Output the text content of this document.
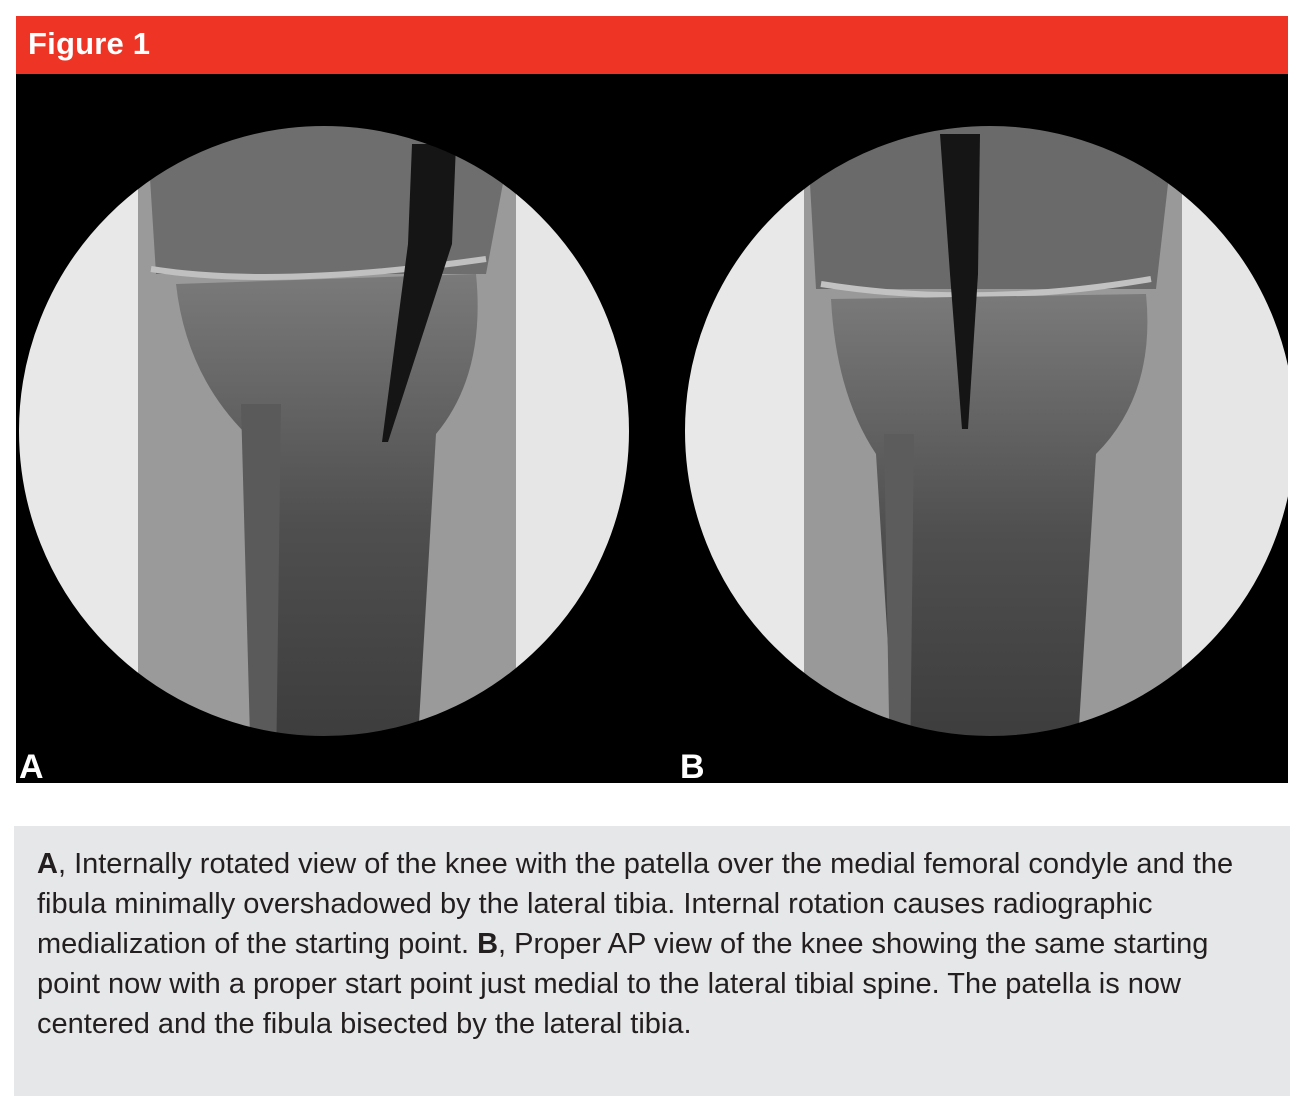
Figure 1
A	B

A, Internally rotated view of the knee with the patella over the medial femoral condyle and the fibula minimally overshadowed by the lateral tibia. Internal rotation causes radiographic medialization of the starting point. B, Proper AP view of the knee showing the same starting point now with a proper start point just medial to the lateral tibial spine. The patella is now centered and the fibula bisected by the lateral tibia.
